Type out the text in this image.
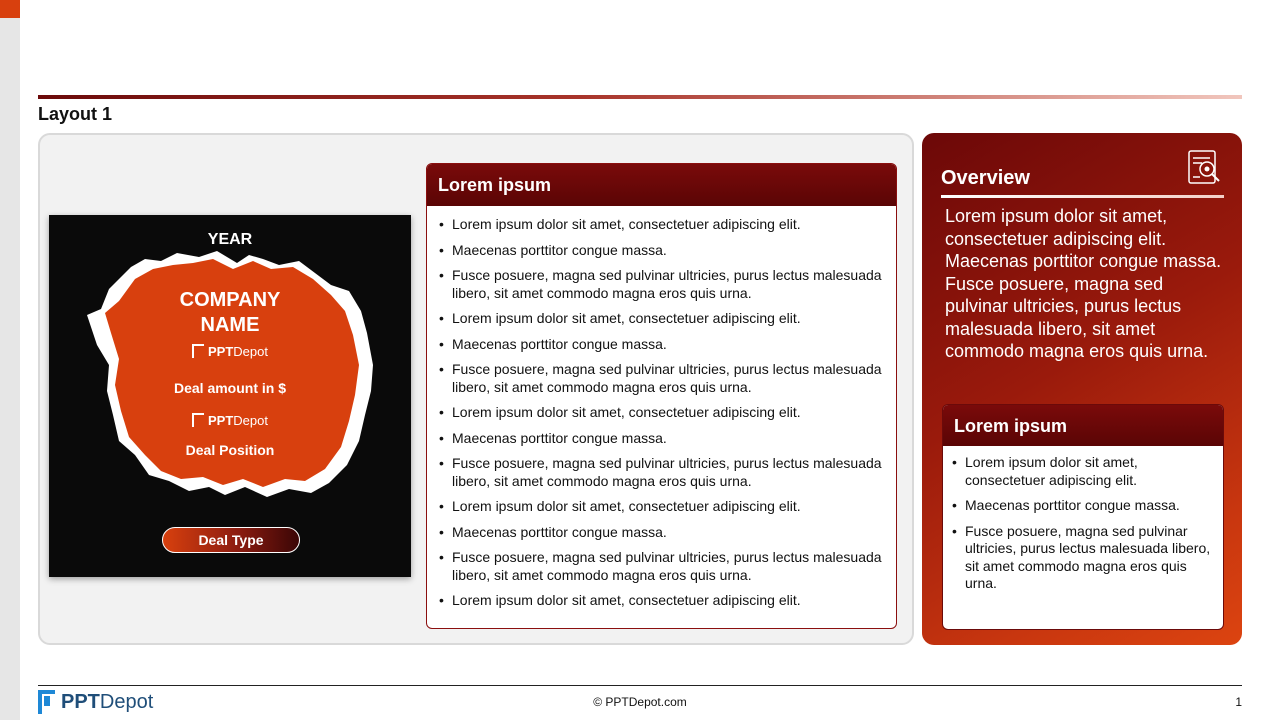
Layout 1
YEAR
COMPANY NAME
PPTDepot
Deal amount in $
PPTDepot
Deal Position
Deal Type
Lorem ipsum
• Lorem ipsum dolor sit amet, consectetuer adipiscing elit.
• Maecenas porttitor congue massa.
• Fusce posuere, magna sed pulvinar ultricies, purus lectus malesuada libero, sit amet commodo magna eros quis urna.
• Lorem ipsum dolor sit amet, consectetuer adipiscing elit.
• Maecenas porttitor congue massa.
• Fusce posuere, magna sed pulvinar ultricies, purus lectus malesuada libero, sit amet commodo magna eros quis urna.
• Lorem ipsum dolor sit amet, consectetuer adipiscing elit.
• Maecenas porttitor congue massa.
• Fusce posuere, magna sed pulvinar ultricies, purus lectus malesuada libero, sit amet commodo magna eros quis urna.
• Lorem ipsum dolor sit amet, consectetuer adipiscing elit.
• Maecenas porttitor congue massa.
• Fusce posuere, magna sed pulvinar ultricies, purus lectus malesuada libero, sit amet commodo magna eros quis urna.
• Lorem ipsum dolor sit amet, consectetuer adipiscing elit.
Overview
Lorem ipsum dolor sit amet, consectetuer adipiscing elit. Maecenas porttitor congue massa. Fusce posuere, magna sed pulvinar ultricies, purus lectus malesuada libero, sit amet commodo magna eros quis urna.
Lorem ipsum
• Lorem ipsum dolor sit amet, consectetuer adipiscing elit.
• Maecenas porttitor congue massa.
• Fusce posuere, magna sed pulvinar ultricies, purus lectus malesuada libero, sit amet commodo magna eros quis urna.
PPTDepot	© PPTDepot.com	1
